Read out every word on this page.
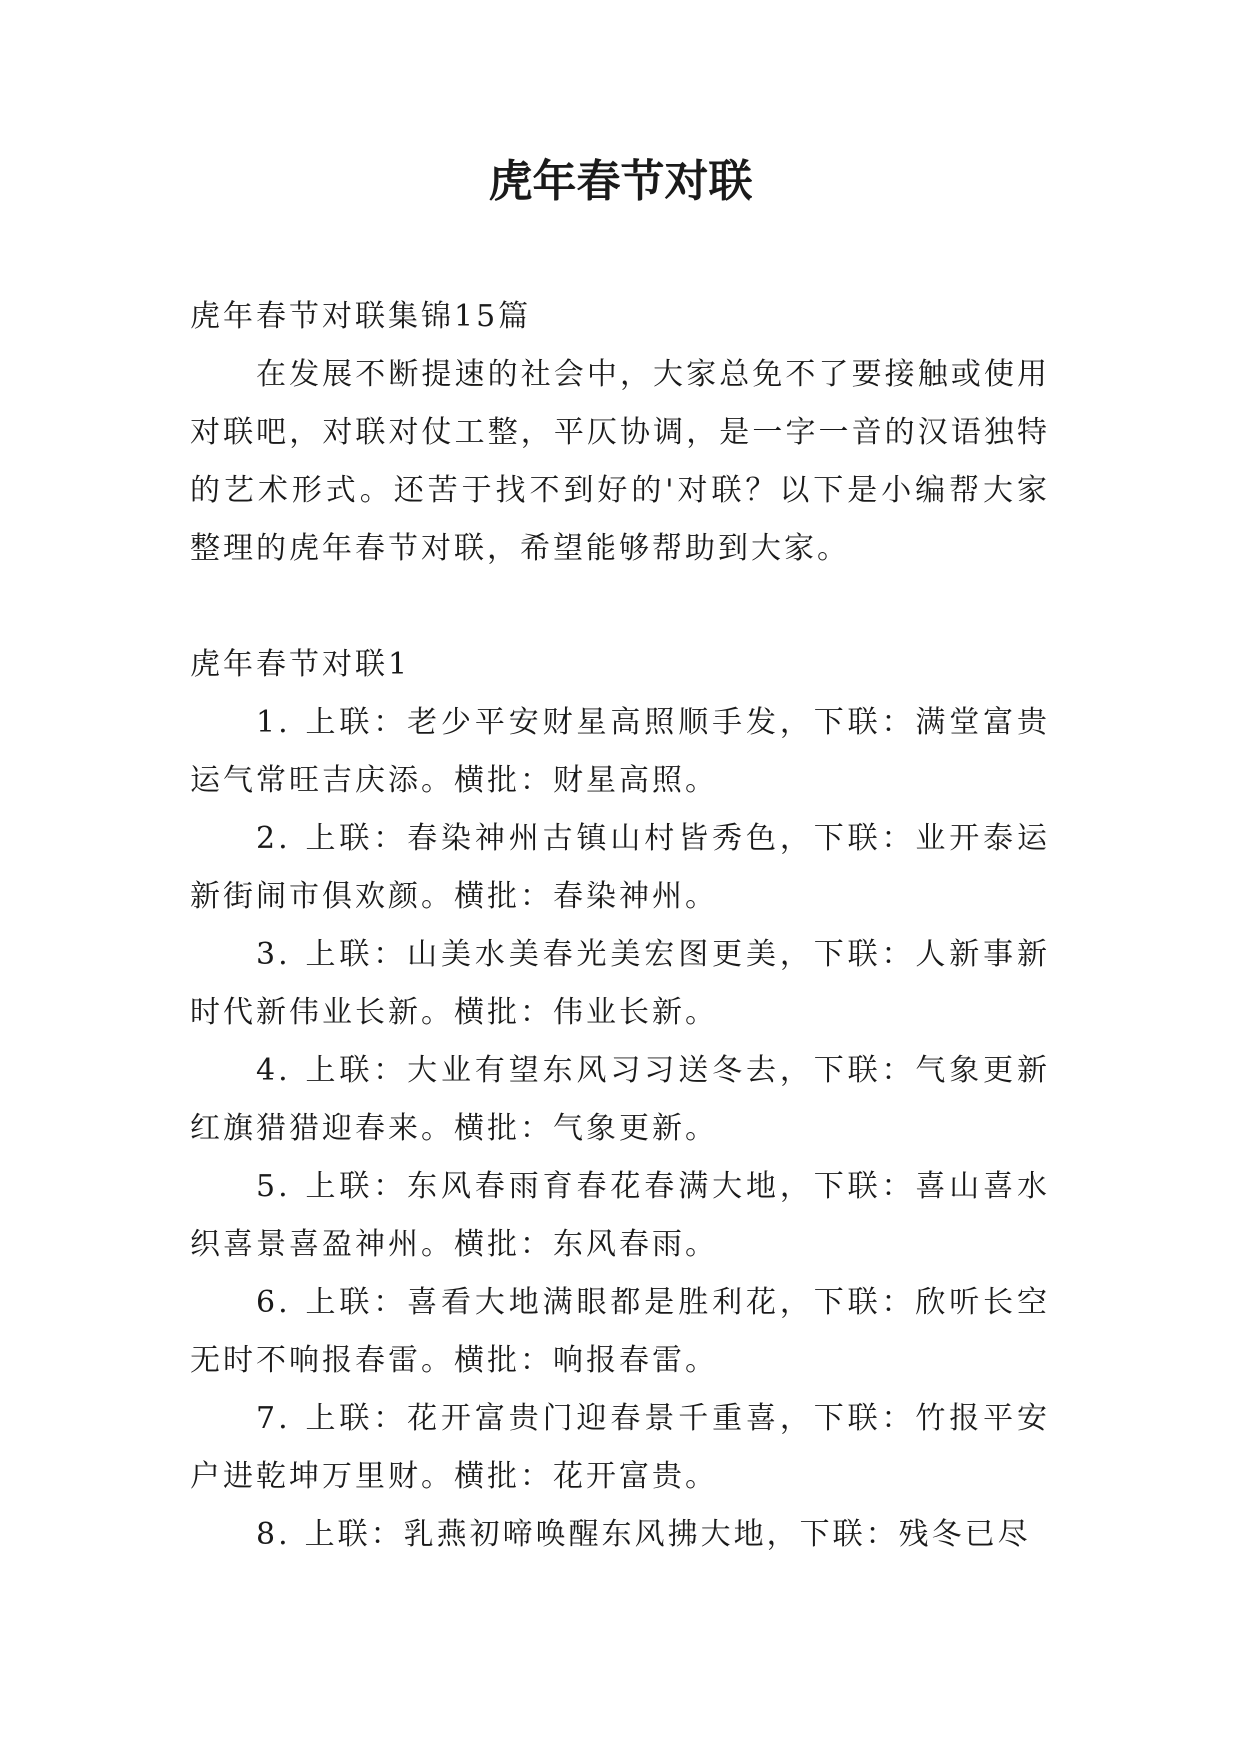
虎年春节对联

虎年春节对联集锦15篇

在发展不断提速的社会中，大家总免不了要接触或使用对联吧，对联对仗工整，平仄协调，是一字一音的汉语独特的艺术形式。还苦于找不到好的'对联？以下是小编帮大家整理的虎年春节对联，希望能够帮助到大家。

虎年春节对联1

1. 上联：老少平安财星高照顺手发，下联：满堂富贵运气常旺吉庆添。横批：财星高照。
2. 上联：春染神州古镇山村皆秀色，下联：业开泰运新街闹市俱欢颜。横批：春染神州。
3. 上联：山美水美春光美宏图更美，下联：人新事新时代新伟业长新。横批：伟业长新。
4. 上联：大业有望东风习习送冬去，下联：气象更新红旗猎猎迎春来。横批：气象更新。
5. 上联：东风春雨育春花春满大地，下联：喜山喜水织喜景喜盈神州。横批：东风春雨。
6. 上联：喜看大地满眼都是胜利花，下联：欣听长空无时不响报春雷。横批：响报春雷。
7. 上联：花开富贵门迎春景千重喜，下联：竹报平安户进乾坤万里财。横批：花开富贵。
8. 上联：乳燕初啼唤醒东风拂大地，下联：残冬已尽
